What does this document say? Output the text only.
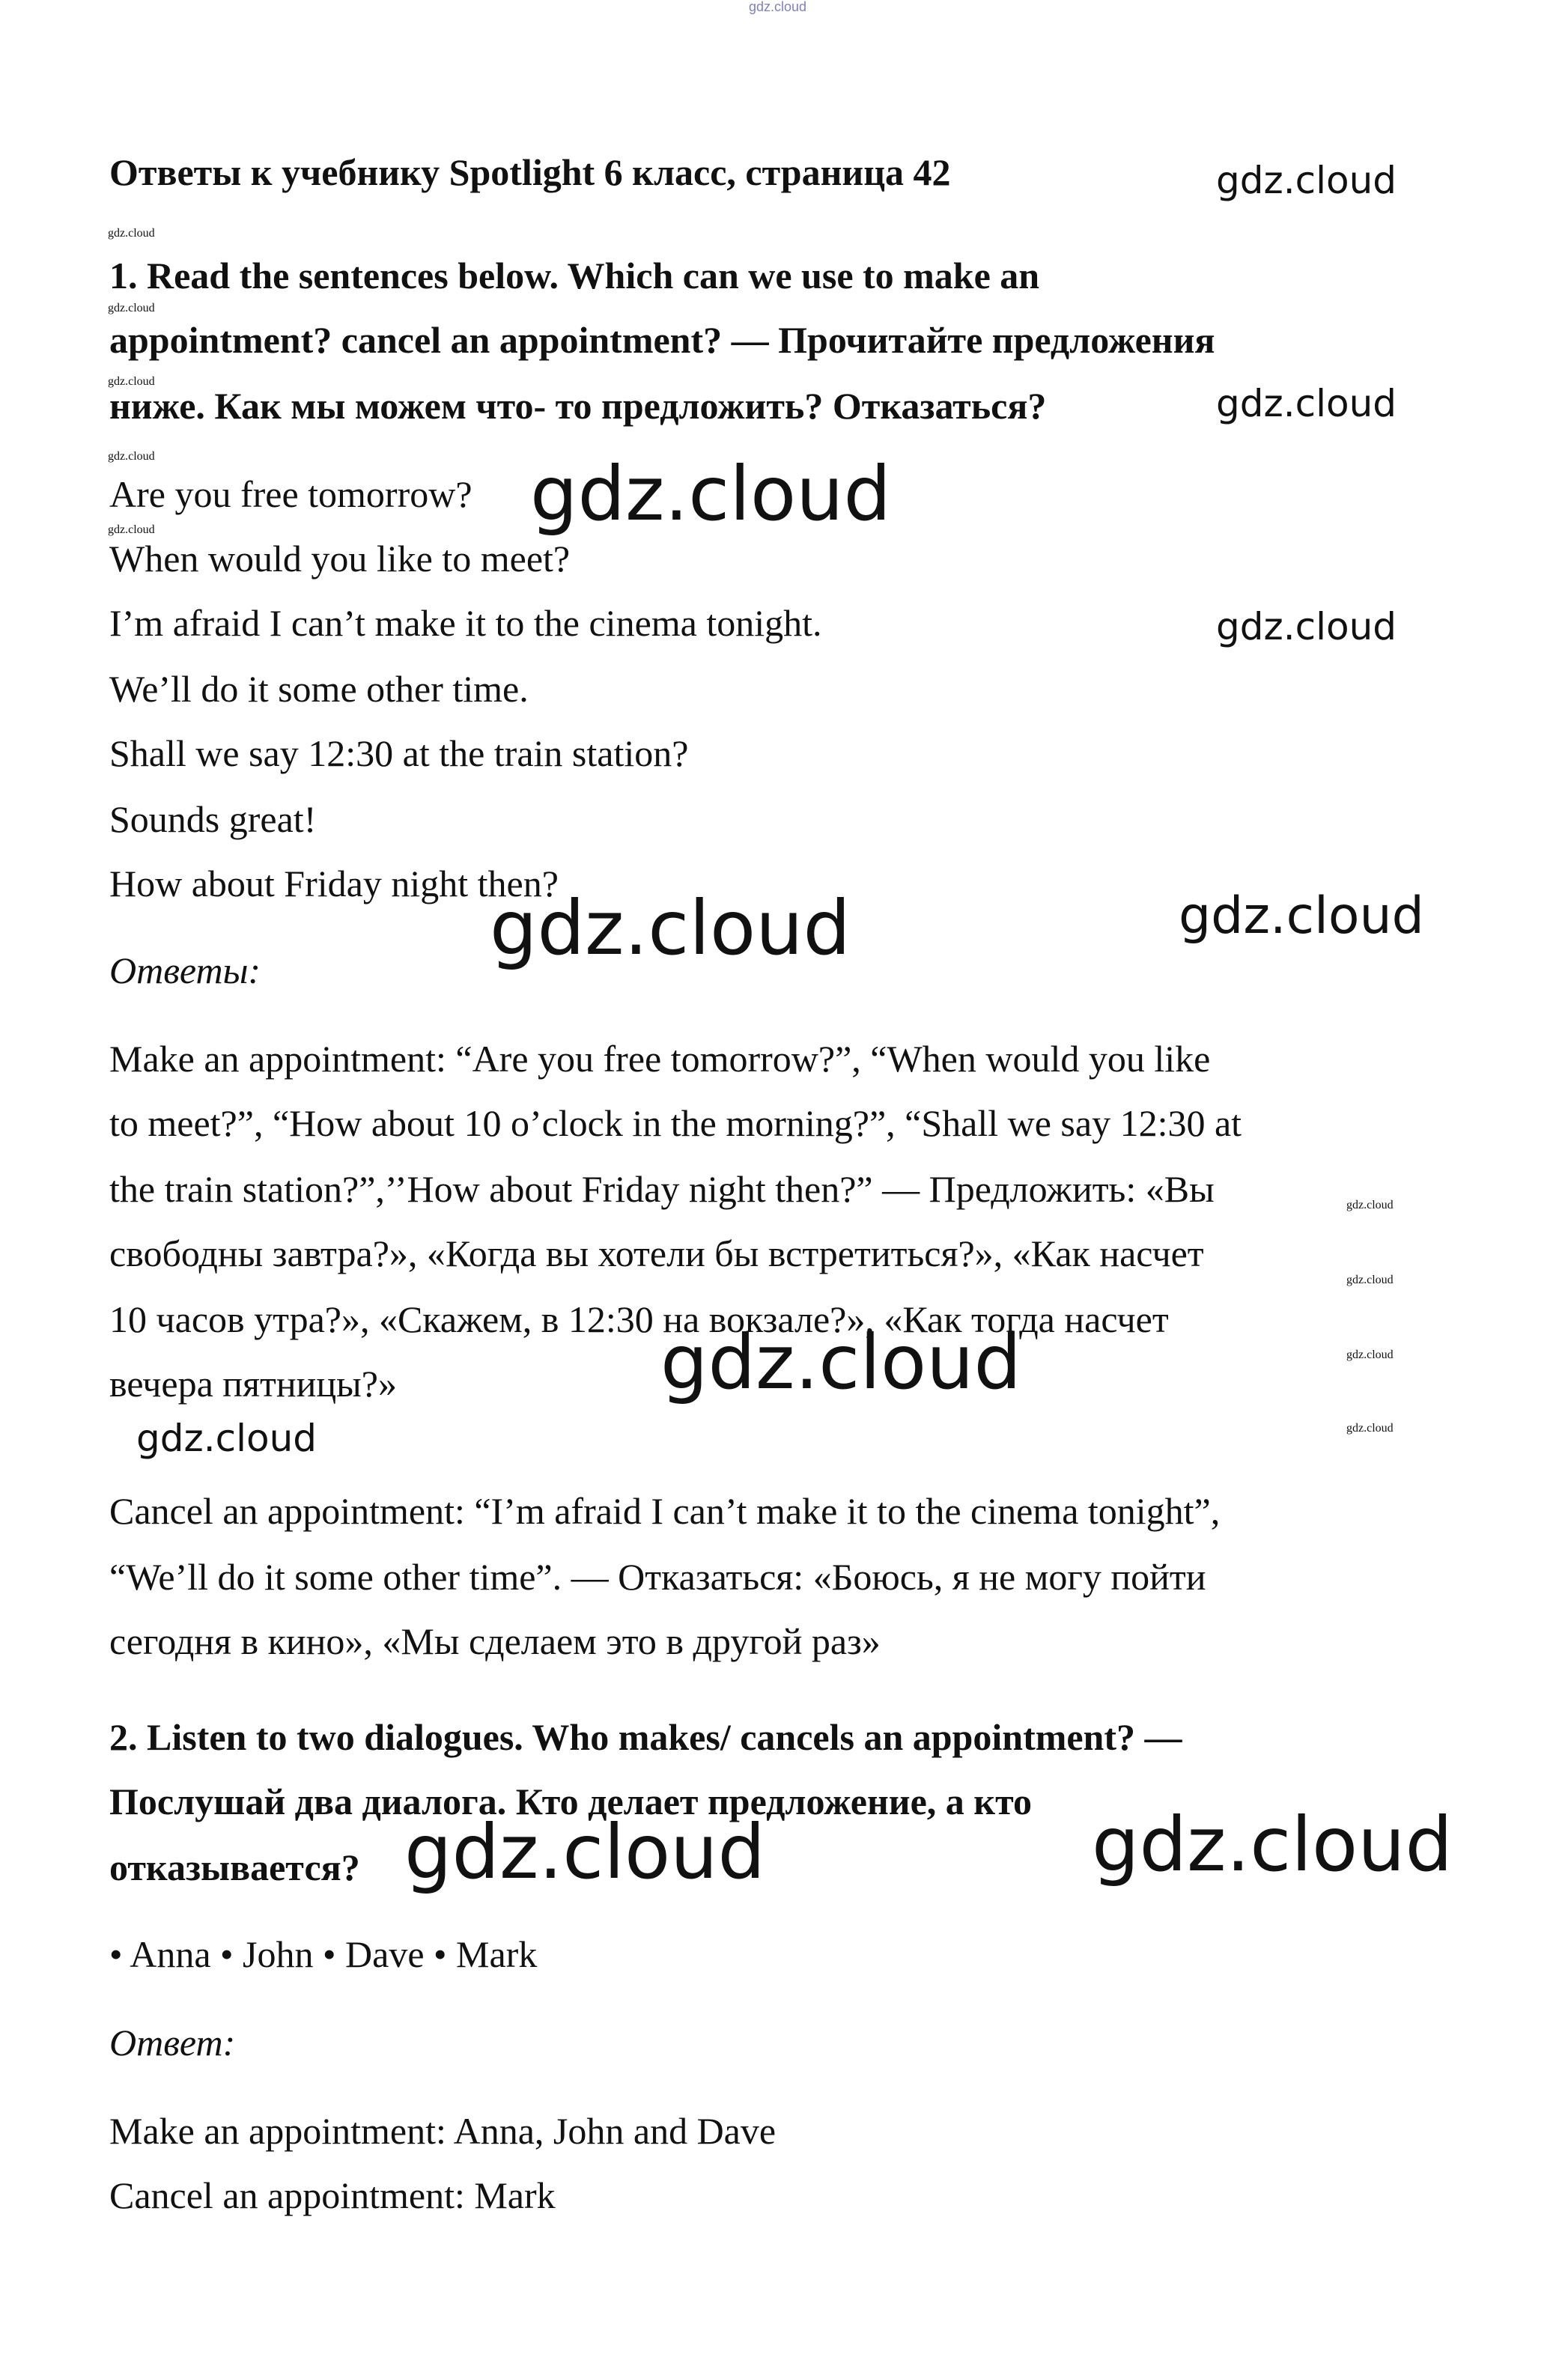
gdz.cloud
Ответы к учебнику Spotlight 6 класс, страница 42
1. Read the sentences below. Which can we use to make an
appointment? cancel an appointment? — Прочитайте предложения
ниже. Как мы можем что- то предложить? Отказаться?
Are you free tomorrow?
When would you like to meet?
I’m afraid I can’t make it to the cinema tonight.
We’ll do it some other time.
Shall we say 12:30 at the train station?
Sounds great!
How about Friday night then?
Ответы:
Make an appointment: “Are you free tomorrow?”, “When would you like
to meet?”, “How about 10 o’clock in the morning?”, “Shall we say 12:30 at
the train station?”,’’How about Friday night then?” — Предложить: «Вы
свободны завтра?», «Когда вы хотели бы встретиться?», «Как насчет
10 часов утра?», «Скажем, в 12:30 на вокзале?», «Как тогда насчет
вечера пятницы?»
Cancel an appointment: “I’m afraid I can’t make it to the cinema tonight”,
“We’ll do it some other time”. — Отказаться: «Боюсь, я не могу пойти
сегодня в кино», «Мы сделаем это в другой раз»
2. Listen to two dialogues. Who makes/ cancels an appointment? —
Послушай два диалога. Кто делает предложение, а кто
отказывается?
• Anna • John • Dave • Mark
Ответ:
Make an appointment: Anna, John and Dave
Cancel an appointment: Mark
gdz.cloud
gdz.cloud
gdz.cloud
gdz.cloud
gdz.cloud
gdz.cloud
gdz.cloud
gdz.cloud
gdz.cloud
gdz.cloud
gdz.cloud
gdz.cloud
gdz.cloud
gdz.cloud
gdz.cloud
gdz.cloud
gdz.cloud
gdz.cloud	gdz.cloud
